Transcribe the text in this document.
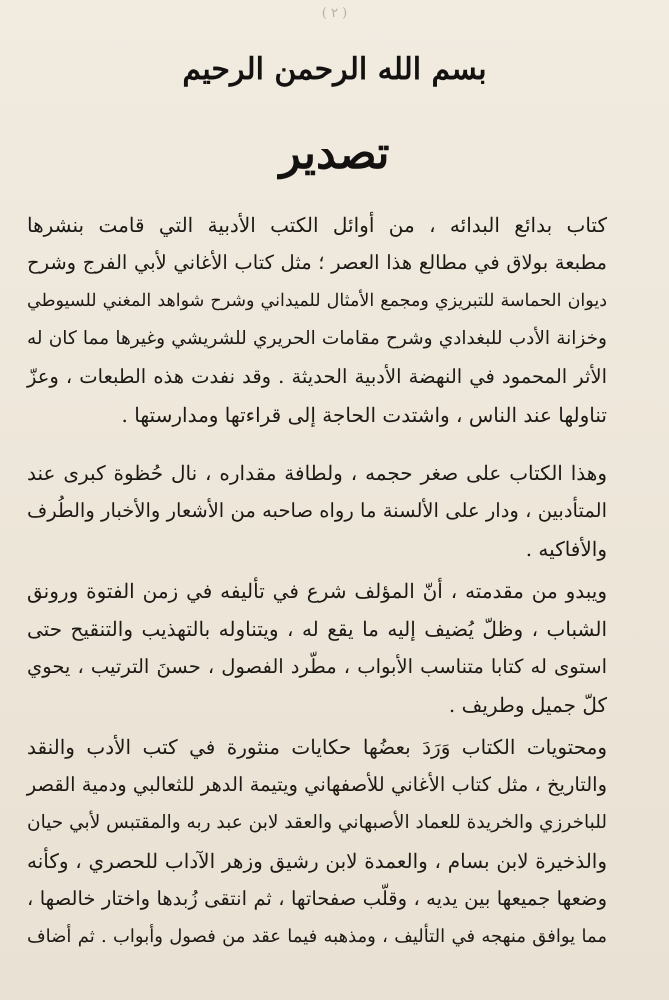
( ٢ )
بسم الله الرحمن الرحيم
تصدير
كتاب بدائع البدائه ، من أوائل الكتب الأدبية التي قامت بنشرها
مطبعة بولاق في مطالع هذا العصر ؛ مثل كتاب الأغاني لأبي الفرج وشرح
ديوان الحماسة للتبريزي ومجمع الأمثال للميداني وشرح شواهد المغني للسيوطي
وخزانة الأدب للبغدادي وشرح مقامات الحريري للشريشي وغيرها مما كان له
الأثر المحمود في النهضة الأدبية الحديثة . وقد نفدت هذه الطبعات ، وعزّ
تناولها عند الناس ، واشتدت الحاجة إلى قراءتها ومدارستها .
وهذا الكتاب على صغر حجمه ، ولطافة مقداره ، نال حُظوة كبرى عند
المتأدبين ، ودار على الألسنة ما رواه صاحبه من الأشعار والأخبار والطُرف
والأفاكيه .
ويبدو من مقدمته ، أنّ المؤلف شرع في تأليفه في زمن الفتوة ورونق
الشباب ، وظلّ يُضيف إليه ما يقع له ، ويتناوله بالتهذيب والتنقيح حتى
استوى له كتابا متناسب الأبواب ، مطّرد الفصول ، حسنَ الترتيب ، يحوي
كلّ جميل وطريف .
ومحتويات الكتاب وَرَدَ بعضُها حكايات منثورة في كتب الأدب والنقد
والتاريخ ، مثل كتاب الأغاني للأصفهاني ويتيمة الدهر للثعالبي ودمية القصر
للباخرزي والخريدة للعماد الأصبهاني والعقد لابن عبد ربه والمقتبس لأبي حيان
والذخيرة لابن بسام ، والعمدة لابن رشيق وزهر الآداب للحصري ، وكأنه
وضعها جميعها بين يديه ، وقلّب صفحاتها ، ثم انتقى زُبدها واختار خالصها ،
مما يوافق منهجه في التأليف ، ومذهبه فيما عقد من فصول وأبواب . ثم أضاف
